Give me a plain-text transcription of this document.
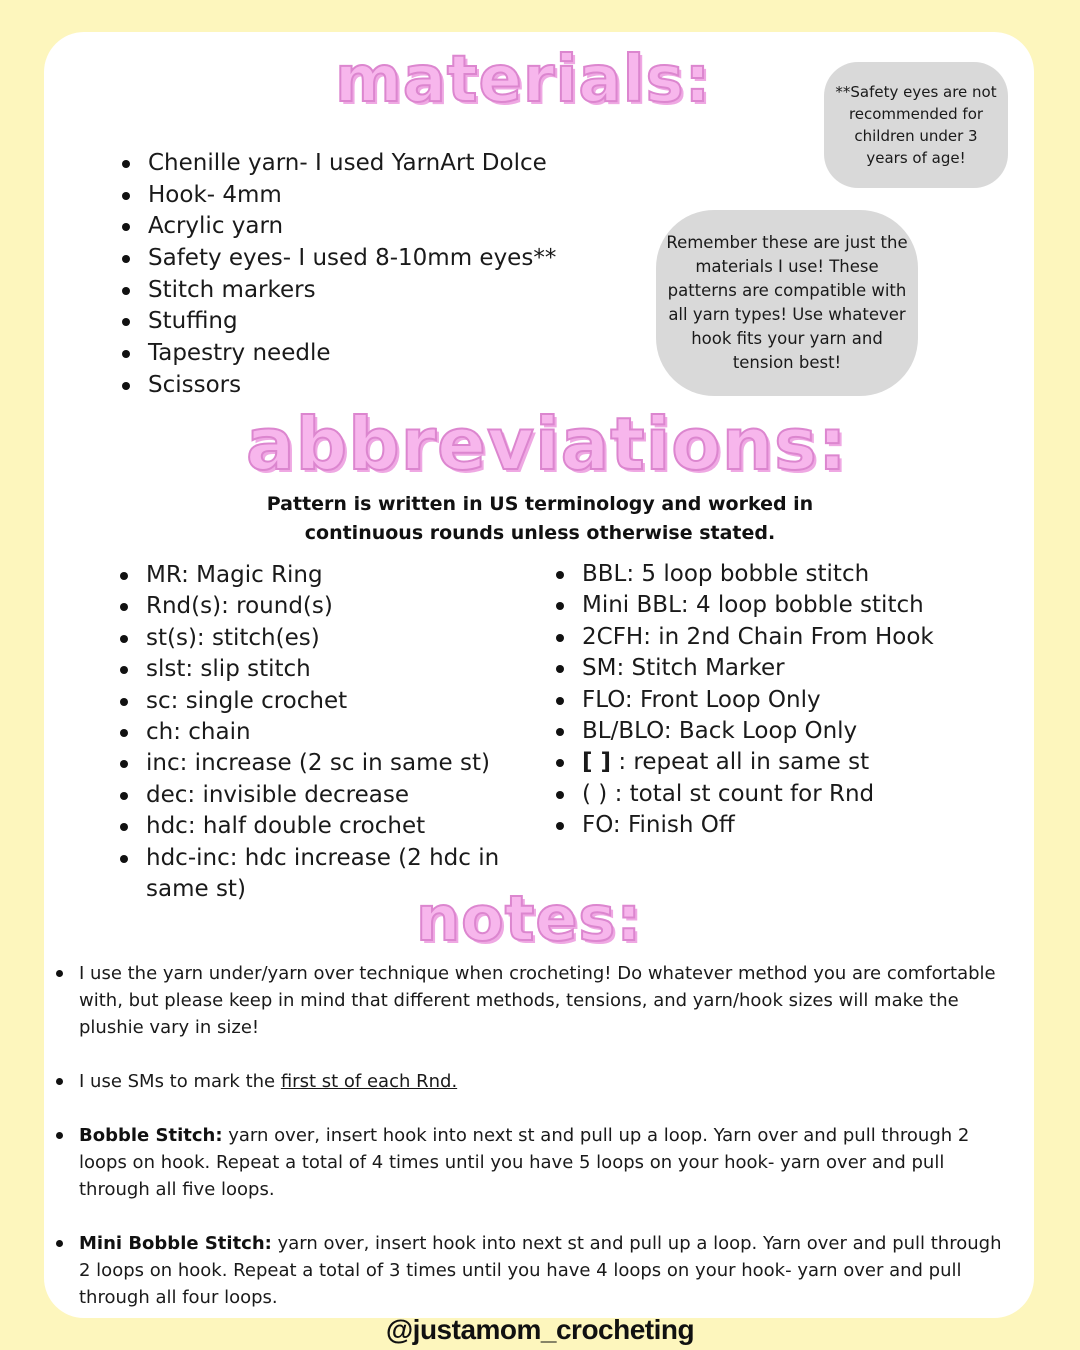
materials:	**Safety eyes are not recommended for children under 3 years of age!
Chenille yarn- I used YarnArt Dolce
Hook- 4mm
Acrylic yarn
Safety eyes- I used 8-10mm eyes**
Stitch markers
Stuffing
Tapestry needle
Scissors
Remember these are just the materials I use! These patterns are compatible with all yarn types! Use whatever hook fits your yarn and tension best!
abbreviations:

Pattern is written in US terminology and worked in continuous rounds unless otherwise stated.

MR: Magic Ring
Rnd(s): round(s)
st(s): stitch(es)
slst: slip stitch
sc: single crochet
ch: chain
inc: increase (2 sc in same st)
dec: invisible decrease
hdc: half double crochet
hdc-inc: hdc increase (2 hdc in same st)
BBL: 5 loop bobble stitch
Mini BBL: 4 loop bobble stitch
2CFH: in 2nd Chain From Hook
SM: Stitch Marker
FLO: Front Loop Only
BL/BLO: Back Loop Only
[ ] : repeat all in same st
( ) : total st count for Rnd
FO: Finish Off
notes:
I use the yarn under/yarn over technique when crocheting! Do whatever method you are comfortable with, but please keep in mind that different methods, tensions, and yarn/hook sizes will make the plushie vary in size!
I use SMs to mark the first st of each Rnd.
Bobble Stitch: yarn over, insert hook into next st and pull up a loop. Yarn over and pull through 2 loops on hook. Repeat a total of 4 times until you have 5 loops on your hook- yarn over and pull through all five loops.
Mini Bobble Stitch: yarn over, insert hook into next st and pull up a loop. Yarn over and pull through 2 loops on hook. Repeat a total of 3 times until you have 4 loops on your hook- yarn over and pull through all four loops.
@justamom_crocheting
